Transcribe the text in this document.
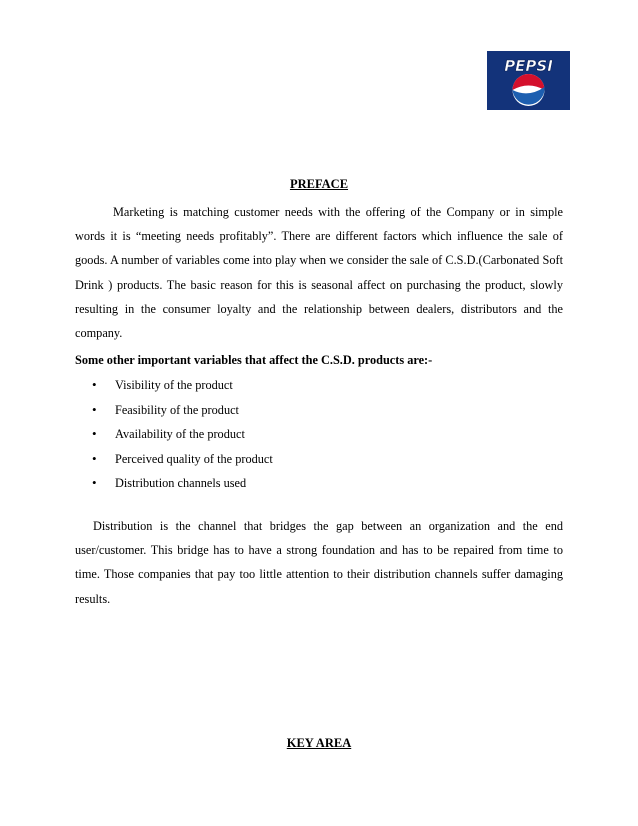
PEPSI
PREFACE

Marketing is matching customer needs with the offering of the Company or in simple words it is “meeting needs profitably”. There are different factors which influence the sale of goods. A number of variables come into play when we consider the sale of C.S.D.(Carbonated Soft Drink ) products. The basic reason for this is seasonal affect on purchasing the product, slowly resulting in the consumer loyalty and the relationship between dealers, distributors and the company.

Some other important variables that affect the C.S.D. products are:-

• Visibility of the product
• Feasibility of the product
• Availability of the product
• Perceived quality of the product
• Distribution channels used

Distribution is the channel that bridges the gap between an organization and the end user/customer. This bridge has to have a strong foundation and has to be repaired from time to time. Those companies that pay too little attention to their distribution channels suffer damaging results.

KEY AREA
